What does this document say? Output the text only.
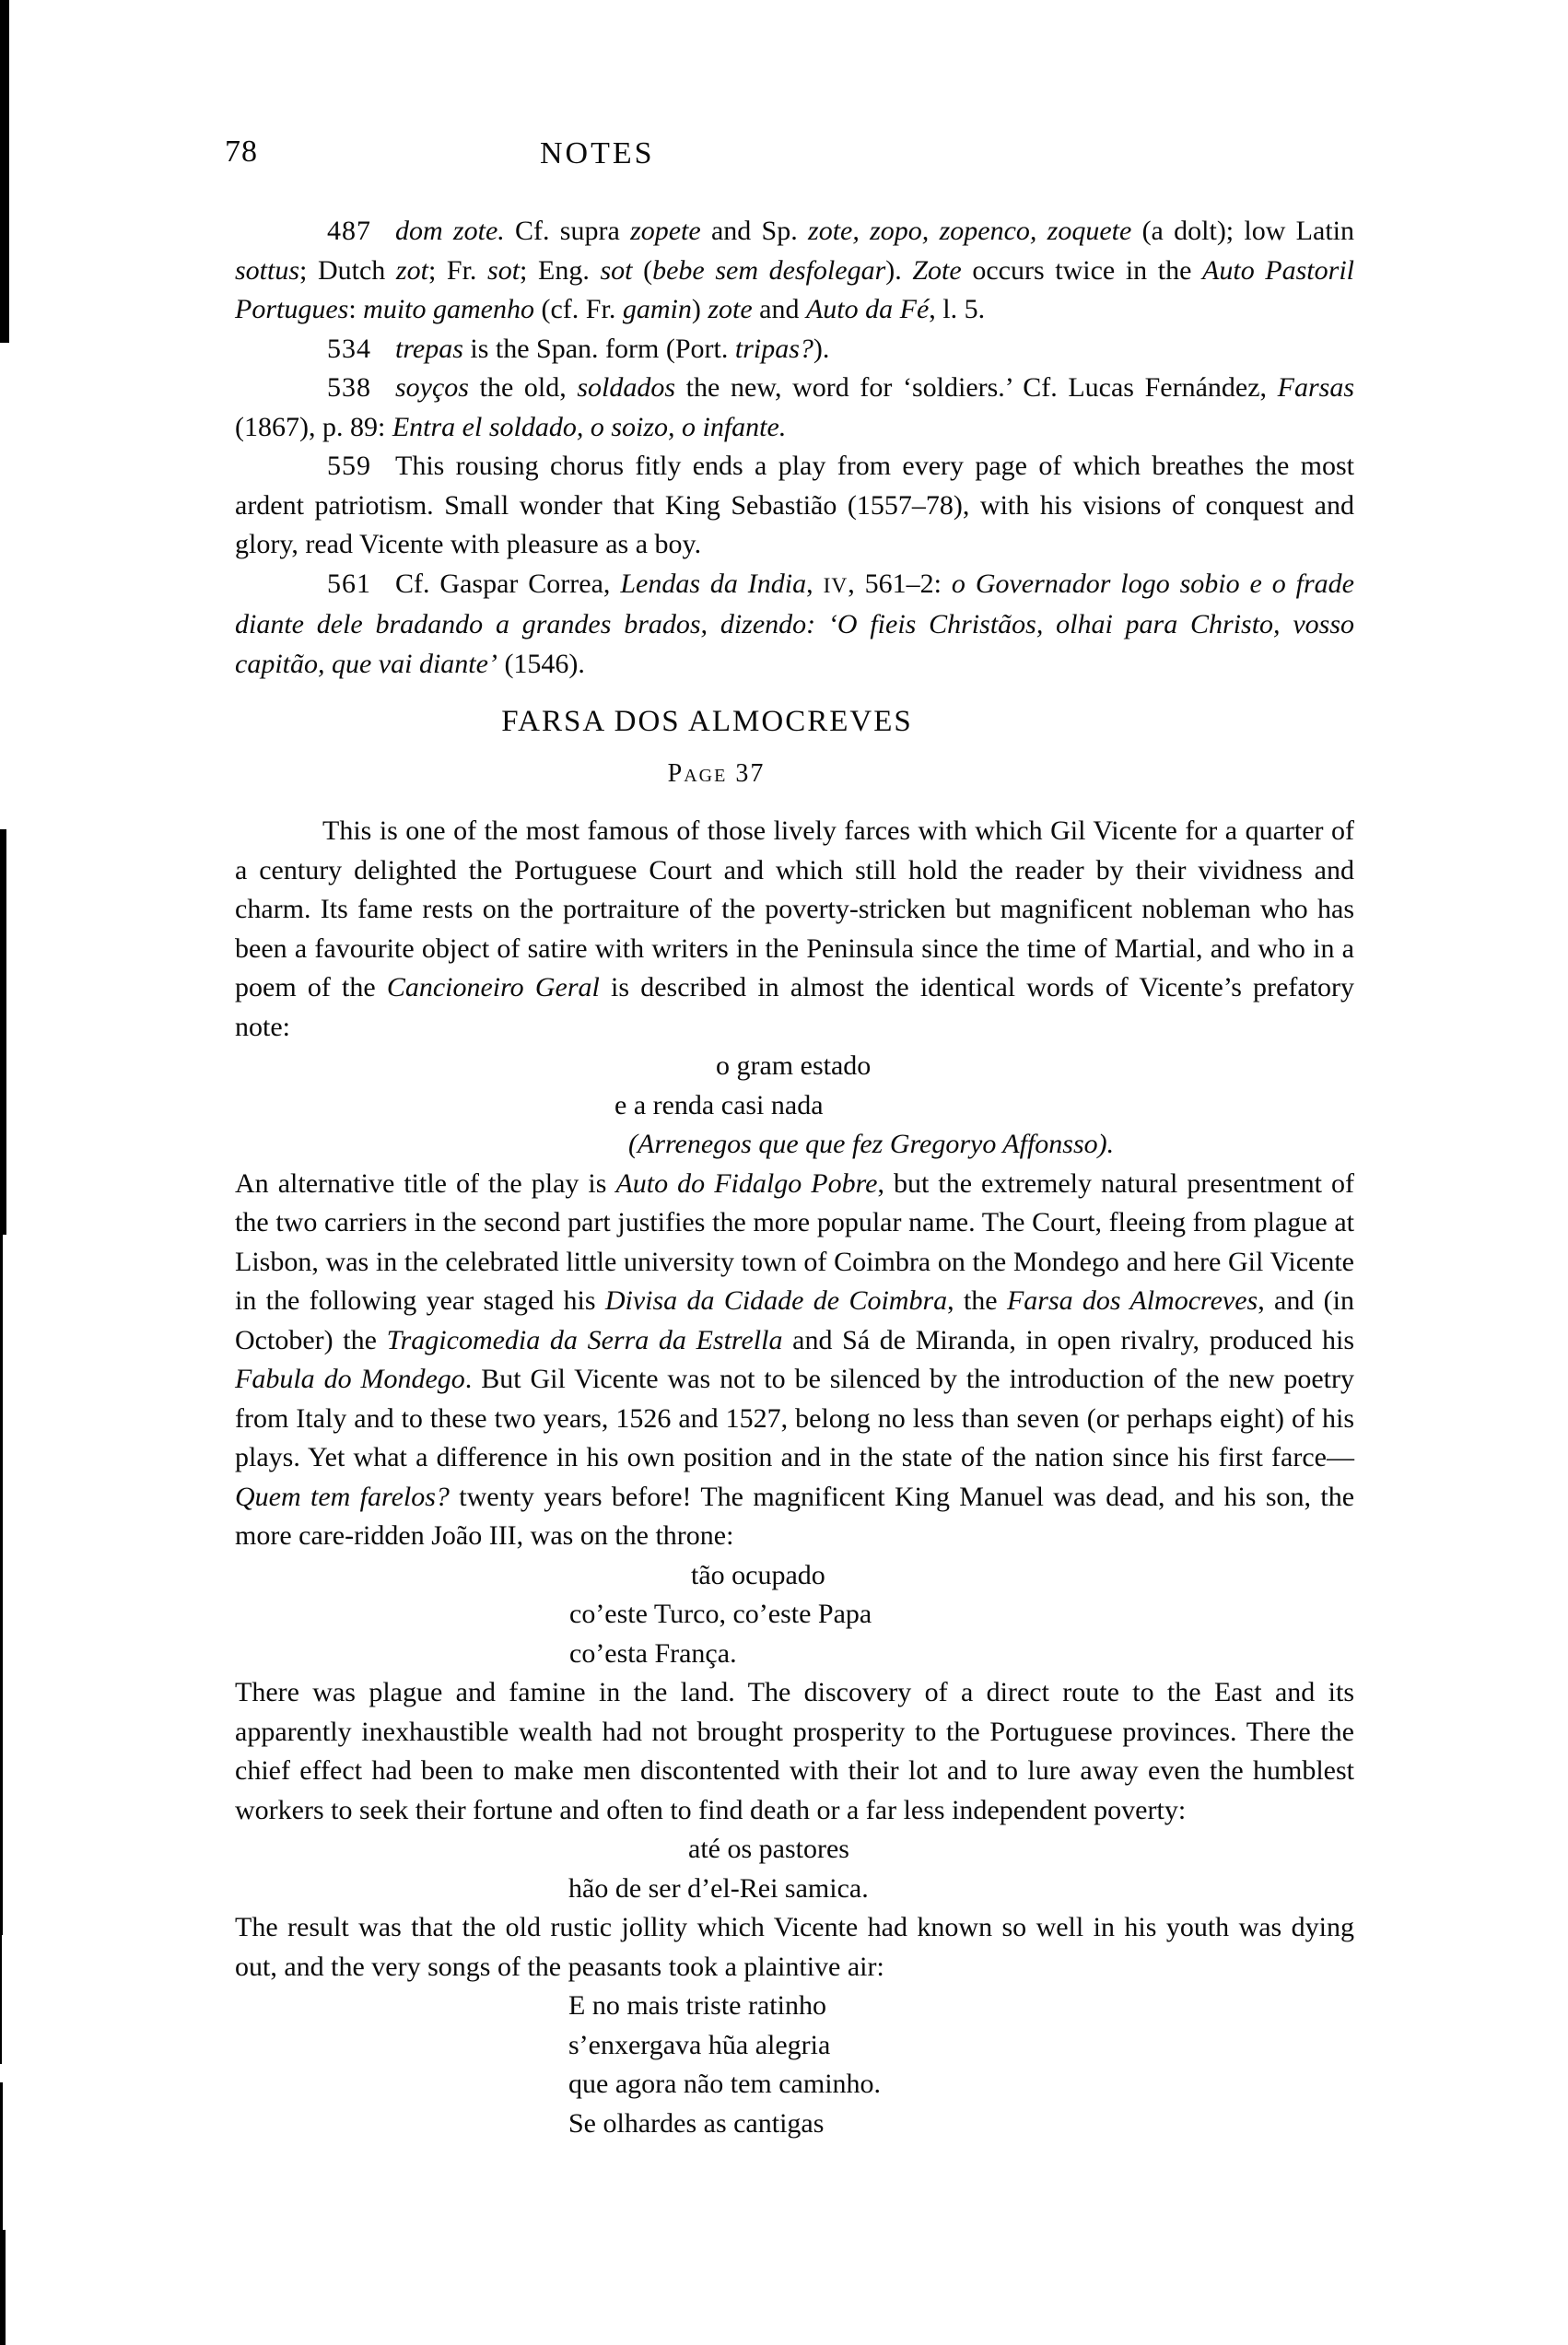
78	NOTES

487 dom zote. Cf. supra zopete and Sp. zote, zopo, zopenco, zoquete (a dolt); low Latin sottus; Dutch zot; Fr. sot; Eng. sot (bebe sem desfolegar). Zote occurs twice in the Auto Pastoril Portugues: muito gamenho (cf. Fr. gamin) zote and Auto da Fé, l. 5.

534 trepas is the Span. form (Port. tripas?).

538 soyços the old, soldados the new, word for ‘soldiers.’ Cf. Lucas Fernández, Farsas (1867), p. 89: Entra el soldado, o soizo, o infante.

559 This rousing chorus fitly ends a play from every page of which breathes the most ardent patriotism. Small wonder that King Sebastião (1557–78), with his visions of conquest and glory, read Vicente with pleasure as a boy.

561 Cf. Gaspar Correa, Lendas da India, IV, 561–2: o Governador logo sobio e o frade diante dele bradando a grandes brados, dizendo: ‘O fieis Christãos, olhai para Christo, vosso capitão, que vai diante’ (1546).

FARSA DOS ALMOCREVES
Page 37

This is one of the most famous of those lively farces with which Gil Vicente for a quarter of a century delighted the Portuguese Court and which still hold the reader by their vividness and charm. Its fame rests on the portraiture of the poverty-stricken but magnificent nobleman who has been a favourite object of satire with writers in the Peninsula since the time of Martial, and who in a poem of the Cancioneiro Geral is described in almost the identical words of Vicente’s prefatory note:

o gram estado
e a renda casi nada
(Arrenegos que que fez Gregoryo Affonsso).

An alternative title of the play is Auto do Fidalgo Pobre, but the extremely natural presentment of the two carriers in the second part justifies the more popular name. The Court, fleeing from plague at Lisbon, was in the celebrated little university town of Coimbra on the Mondego and here Gil Vicente in the following year staged his Divisa da Cidade de Coimbra, the Farsa dos Almocreves, and (in October) the Tragicomedia da Serra da Estrella and Sá de Miranda, in open rivalry, produced his Fabula do Mondego. But Gil Vicente was not to be silenced by the introduction of the new poetry from Italy and to these two years, 1526 and 1527, belong no less than seven (or perhaps eight) of his plays. Yet what a difference in his own position and in the state of the nation since his first farce—Quem tem farelos? twenty years before! The magnificent King Manuel was dead, and his son, the more care-ridden João III, was on the throne:

tão ocupado
co’este Turco, co’este Papa
co’esta França.

There was plague and famine in the land. The discovery of a direct route to the East and its apparently inexhaustible wealth had not brought prosperity to the Portuguese provinces. There the chief effect had been to make men discontented with their lot and to lure away even the humblest workers to seek their fortune and often to find death or a far less independent poverty:

até os pastores
hão de ser d’el-Rei samica.

The result was that the old rustic jollity which Vicente had known so well in his youth was dying out, and the very songs of the peasants took a plaintive air:

E no mais triste ratinho
s’enxergava hũa alegria
que agora não tem caminho.
Se olhardes as cantigas
